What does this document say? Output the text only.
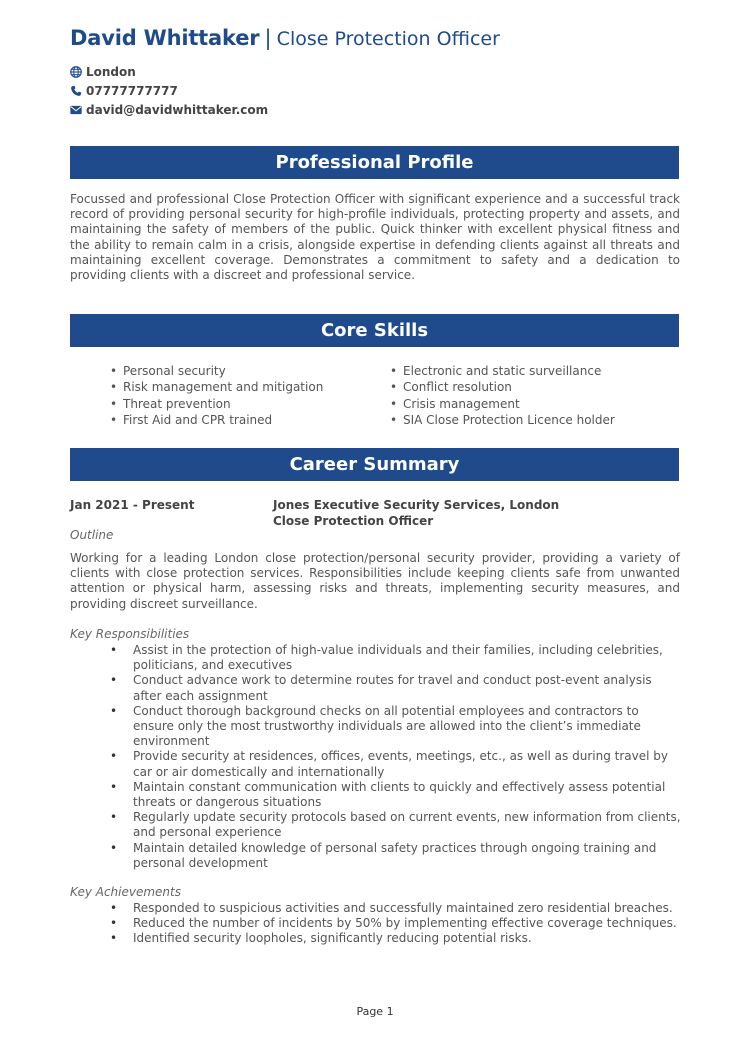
David Whittaker | Close Protection Officer
London
07777777777
david@davidwhittaker.com
Professional Profile
Focussed and professional Close Protection Officer with significant experience and a successful track record of providing personal security for high-profile individuals, protecting property and assets, and maintaining the safety of members of the public. Quick thinker with excellent physical fitness and the ability to remain calm in a crisis, alongside expertise in defending clients against all threats and maintaining excellent coverage. Demonstrates a commitment to safety and a dedication to providing clients with a discreet and professional service.
Core Skills
• Personal security
• Risk management and mitigation
• Threat prevention
• First Aid and CPR trained
• Electronic and static surveillance
• Conflict resolution
• Crisis management
• SIA Close Protection Licence holder
Career Summary
Jan 2021 - Present	Jones Executive Security Services, London
Close Protection Officer
Outline
Working for a leading London close protection/personal security provider, providing a variety of clients with close protection services. Responsibilities include keeping clients safe from unwanted attention or physical harm, assessing risks and threats, implementing security measures, and providing discreet surveillance.
Key Responsibilities
• Assist in the protection of high-value individuals and their families, including celebrities, politicians, and executives
• Conduct advance work to determine routes for travel and conduct post-event analysis after each assignment
• Conduct thorough background checks on all potential employees and contractors to ensure only the most trustworthy individuals are allowed into the client’s immediate environment
• Provide security at residences, offices, events, meetings, etc., as well as during travel by car or air domestically and internationally
• Maintain constant communication with clients to quickly and effectively assess potential threats or dangerous situations
• Regularly update security protocols based on current events, new information from clients, and personal experience
• Maintain detailed knowledge of personal safety practices through ongoing training and personal development
Key Achievements
• Responded to suspicious activities and successfully maintained zero residential breaches.
• Reduced the number of incidents by 50% by implementing effective coverage techniques.
• Identified security loopholes, significantly reducing potential risks.
Page 1
